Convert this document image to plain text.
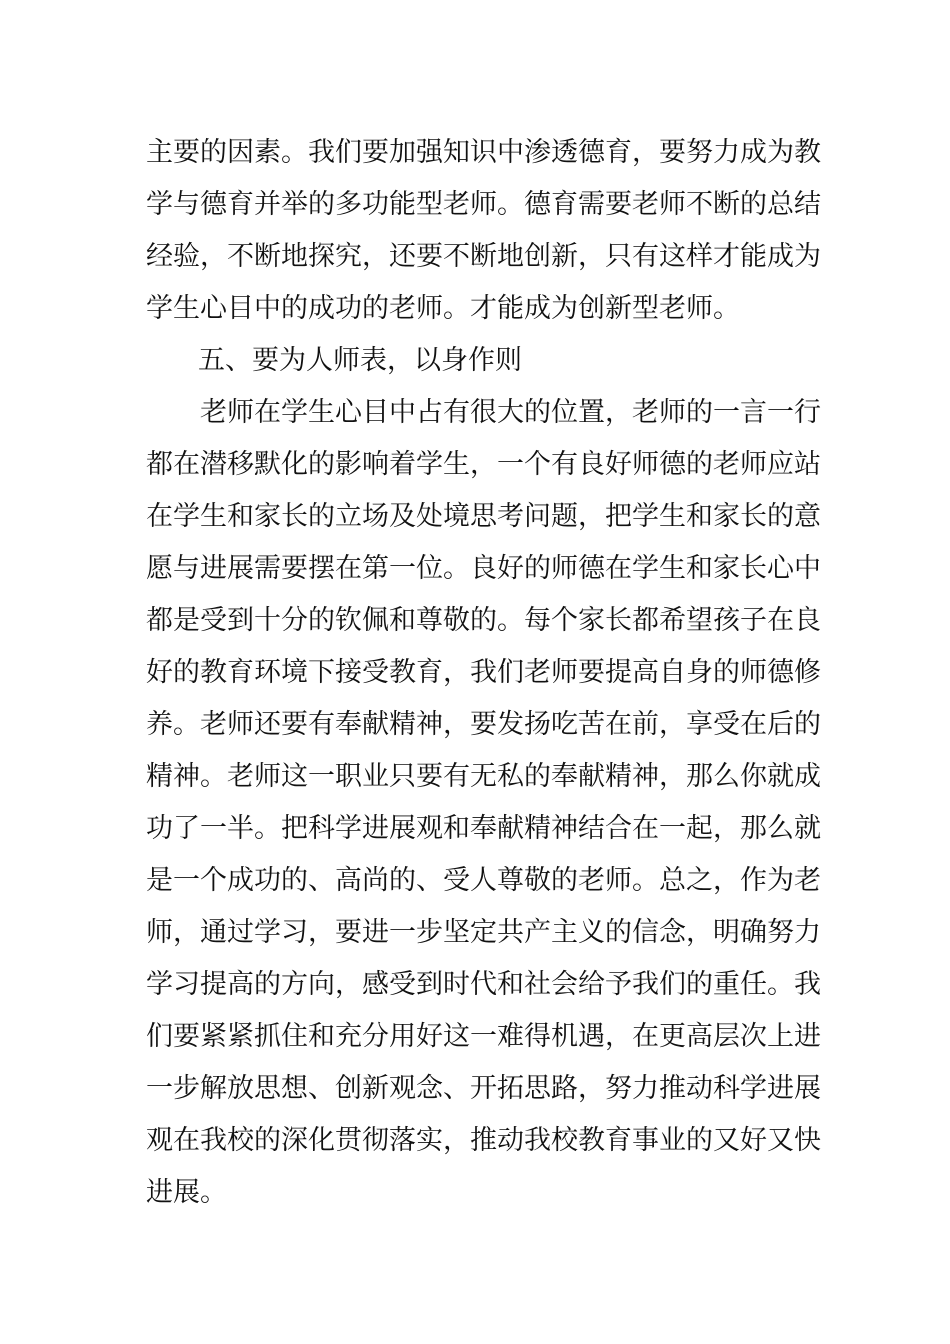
主要的因素。我们要加强知识中渗透德育，要努力成为教
学与德育并举的多功能型老师。德育需要老师不断的总结
经验，不断地探究，还要不断地创新，只有这样才能成为
学生心目中的成功的老师。才能成为创新型老师。
五、要为人师表，以身作则
老师在学生心目中占有很大的位置，老师的一言一行
都在潜移默化的影响着学生，一个有良好师德的老师应站
在学生和家长的立场及处境思考问题，把学生和家长的意
愿与进展需要摆在第一位。良好的师德在学生和家长心中
都是受到十分的钦佩和尊敬的。每个家长都希望孩子在良
好的教育环境下接受教育，我们老师要提高自身的师德修
养。老师还要有奉献精神，要发扬吃苦在前，享受在后的
精神。老师这一职业只要有无私的奉献精神，那么你就成
功了一半。把科学进展观和奉献精神结合在一起，那么就
是一个成功的、高尚的、受人尊敬的老师。总之，作为老
师，通过学习，要进一步坚定共产主义的信念，明确努力
学习提高的方向，感受到时代和社会给予我们的重任。我
们要紧紧抓住和充分用好这一难得机遇，在更高层次上进
一步解放思想、创新观念、开拓思路，努力推动科学进展
观在我校的深化贯彻落实，推动我校教育事业的又好又快
进展。
